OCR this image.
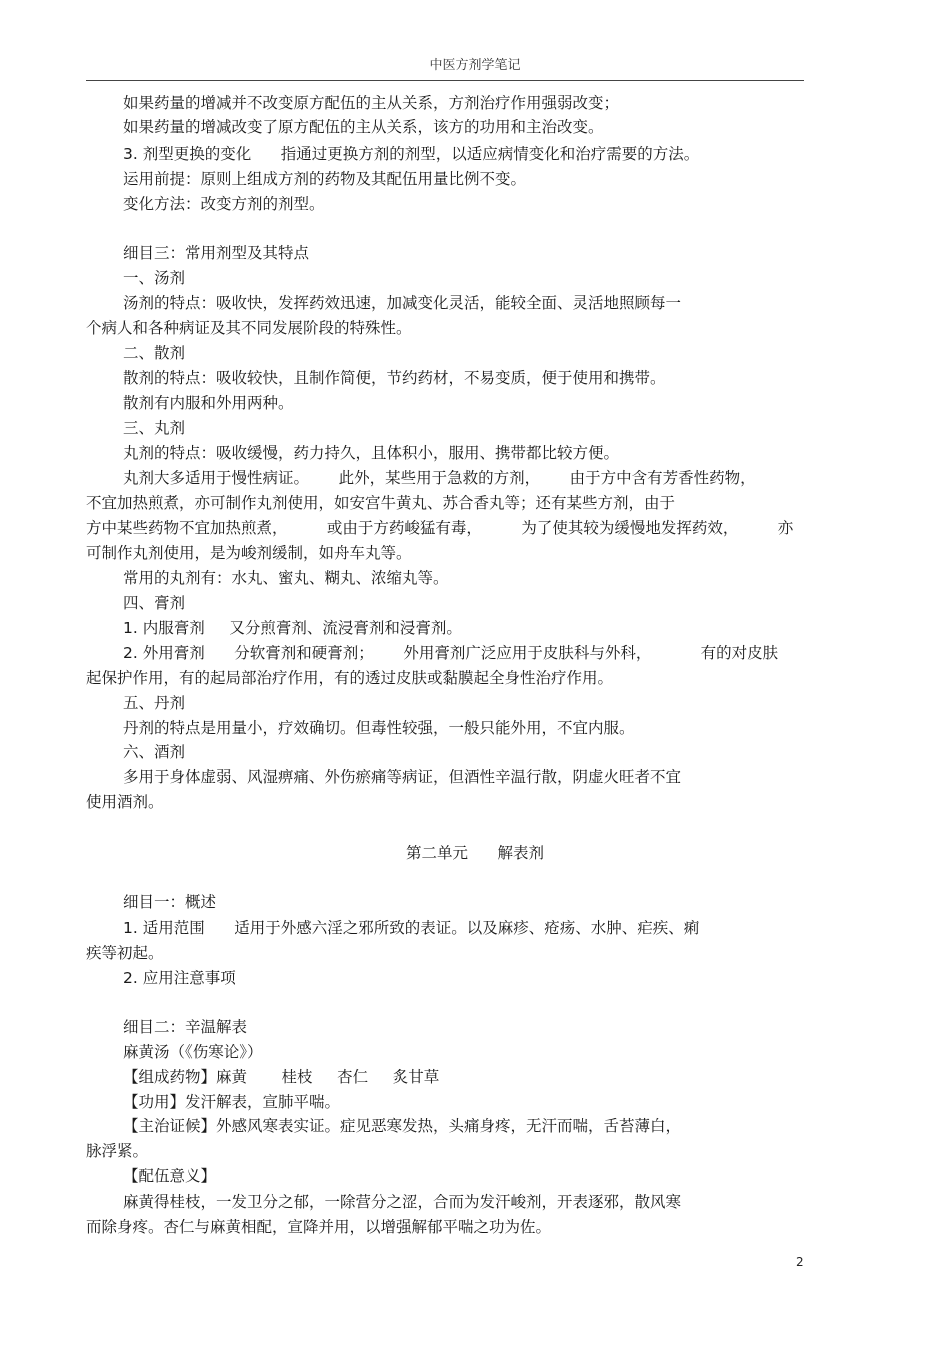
中医方剂学笔记
如果药量的增减并不改变原方配伍的主从关系，方剂治疗作用强弱改变；
如果药量的增减改变了原方配伍的主从关系，该方的功用和主治改变。
3. 剂型更换的变化      指通过更换方剂的剂型，以适应病情变化和治疗需要的方法。
运用前提：原则上组成方剂的药物及其配伍用量比例不变。
变化方法：改变方剂的剂型。
细目三：常用剂型及其特点
一、汤剂
汤剂的特点：吸收快，发挥药效迅速，加减变化灵活，能较全面、灵活地照顾每一
个病人和各种病证及其不同发展阶段的特殊性。
二、散剂
散剂的特点：吸收较快，且制作简便，节约药材，不易变质，便于使用和携带。
散剂有内服和外用两种。
三、丸剂
丸剂的特点：吸收缓慢，药力持久，且体积小，服用、携带都比较方便。
丸剂大多适用于慢性病证。      此外，某些用于急救的方剂，      由于方中含有芳香性药物，
不宜加热煎煮，亦可制作丸剂使用，如安宫牛黄丸、苏合香丸等；还有某些方剂，由于
方中某些药物不宜加热煎煮，        或由于方药峻猛有毒，        为了使其较为缓慢地发挥药效，        亦
可制作丸剂使用，是为峻剂缓制，如舟车丸等。
常用的丸剂有：水丸、蜜丸、糊丸、浓缩丸等。
四、膏剂
1. 内服膏剂     又分煎膏剂、流浸膏剂和浸膏剂。
2. 外用膏剂      分软膏剂和硬膏剂；      外用膏剂广泛应用于皮肤科与外科，          有的对皮肤
起保护作用，有的起局部治疗作用，有的透过皮肤或黏膜起全身性治疗作用。
五、丹剂
丹剂的特点是用量小，疗效确切。但毒性较强，一般只能外用，不宜内服。
六、酒剂
多用于身体虚弱、风湿痹痛、外伤瘀痛等病证，但酒性辛温行散，阴虚火旺者不宜
使用酒剂。
第二单元      解表剂
细目一：概述
1. 适用范围      适用于外感六淫之邪所致的表证。以及麻疹、疮疡、水肿、疟疾、痢
疾等初起。
2. 应用注意事项
细目二：辛温解表
麻黄汤（《伤寒论》）
【组成药物】麻黄       桂枝     杏仁     炙甘草
【功用】发汗解表，宣肺平喘。
【主治证候】外感风寒表实证。症见恶寒发热，头痛身疼，无汗而喘，舌苔薄白，
脉浮紧。
【配伍意义】
麻黄得桂枝，一发卫分之郁，一除营分之涩，合而为发汗峻剂，开表逐邪，散风寒
而除身疼。杏仁与麻黄相配，宣降并用，以增强解郁平喘之功为佐。
2
